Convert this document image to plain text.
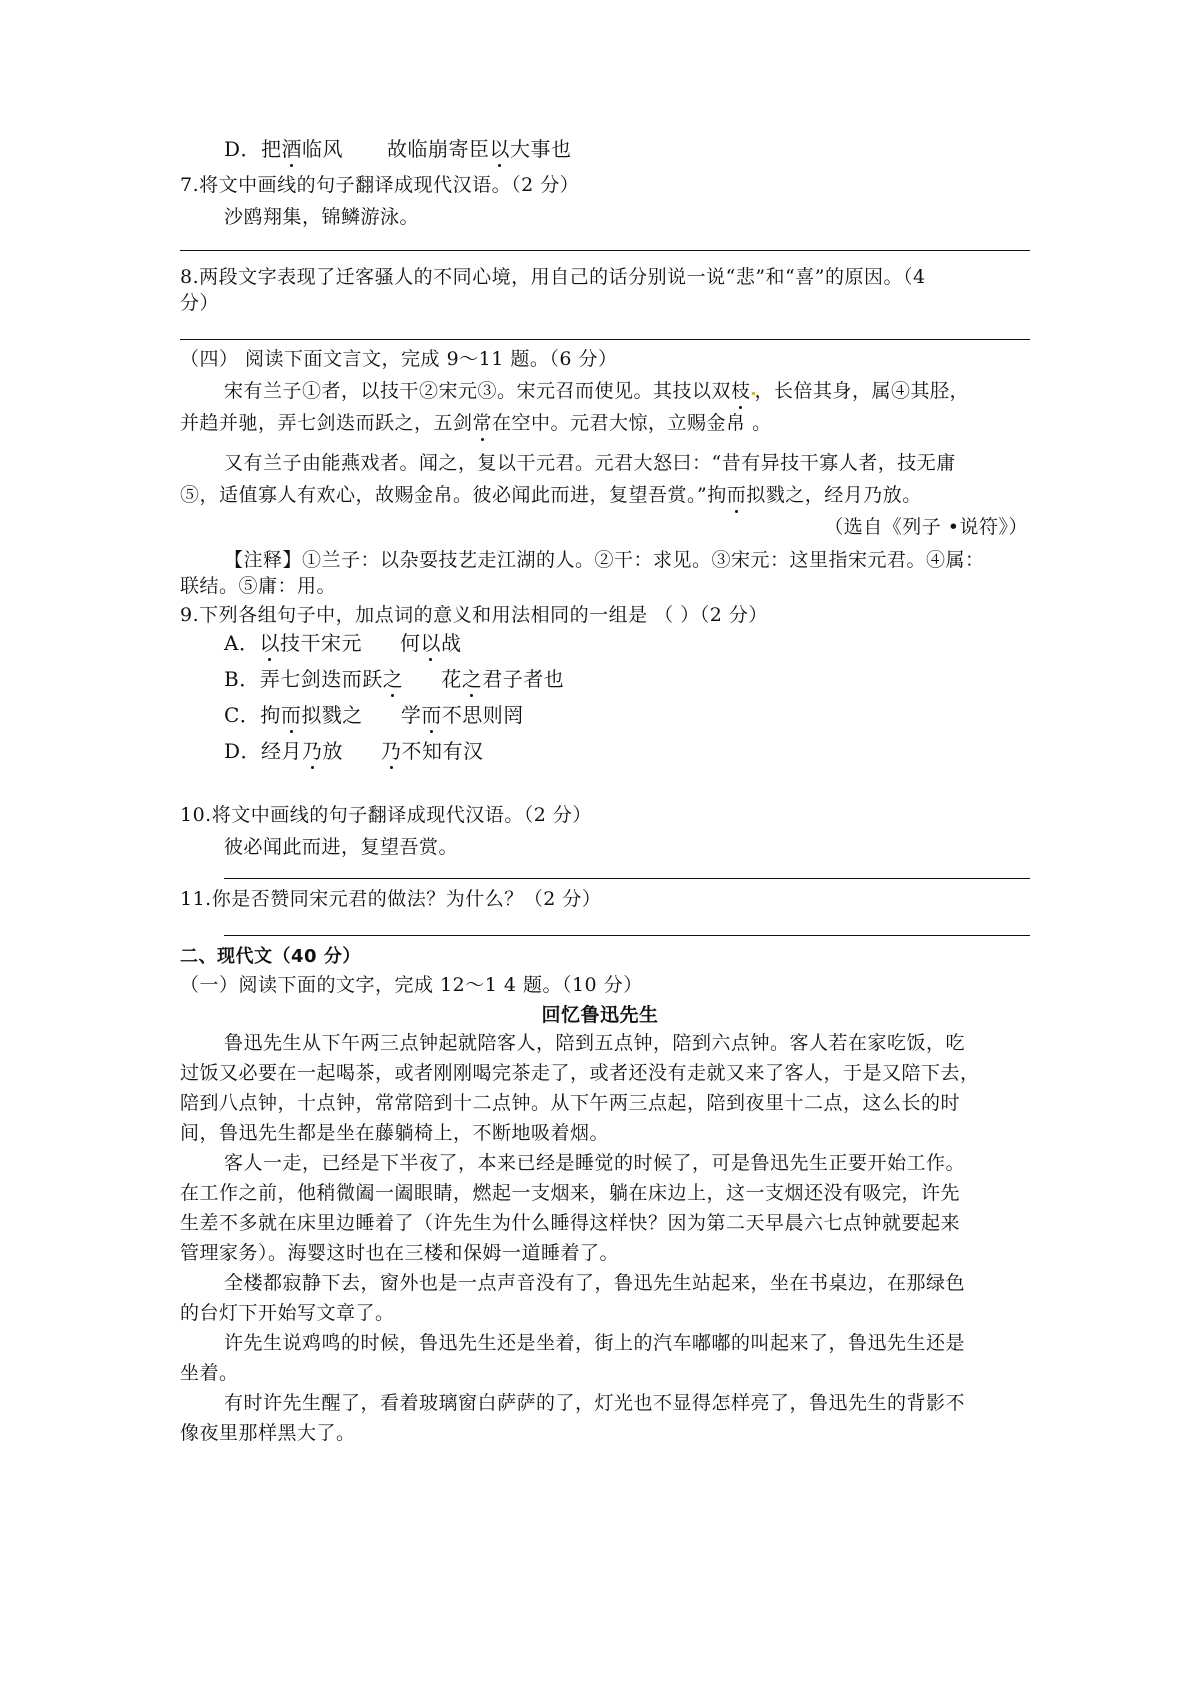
D．把酒临风 故临崩寄臣以大事也
7.将文中画线的句子翻译成现代汉语。（2 分）
沙鸥翔集，锦鳞游泳。
8.两段文字表现了迁客骚人的不同心境，用自己的话分别说一说“悲”和“喜”的原因。（4
分）
（四） 阅读下面文言文，完成 9～11 题。（6 分）
宋有兰子①者，以技干②宋元③。宋元召而使见。其技以双枝 ，长倍其身，属④其胫，
并趋并驰，弄七剑迭而跃之，五剑常在空中。元君大惊，立赐金帛 。
又有兰子由能燕戏者。闻之，复以干元君。元君大怒曰：“昔有异技干寡人者，技无庸
⑤，适值寡人有欢心，故赐金帛。彼必闻此而进，复望吾赏。”拘而拟戮之，经月乃放。
（选自《列子 •说符》）
【注释】①兰子：以杂耍技艺走江湖的人。②干：求见。③宋元：这里指宋元君。④属：
联结。⑤庸：用。
9.下列各组句子中，加点词的意义和用法相同的一组是 （ ）（2 分）
A．以技干宋元 何以战
B．弄七剑迭而跃之 花之君子者也
C．拘而拟戮之 学而不思则罔
D．经月乃放 乃不知有汉
10.将文中画线的句子翻译成现代汉语。（2 分）
彼必闻此而进，复望吾赏。
11.你是否赞同宋元君的做法？为什么？（2 分）
二、现代文（40 分）
（一）阅读下面的文字，完成 12～1 4 题。（10 分）
回忆鲁迅先生
鲁迅先生从下午两三点钟起就陪客人，陪到五点钟，陪到六点钟。客人若在家吃饭，吃
过饭又必要在一起喝茶，或者刚刚喝完茶走了，或者还没有走就又来了客人，于是又陪下去，
陪到八点钟，十点钟，常常陪到十二点钟。从下午两三点起，陪到夜里十二点，这么长的时
间，鲁迅先生都是坐在藤躺椅上，不断地吸着烟。
客人一走，已经是下半夜了，本来已经是睡觉的时候了，可是鲁迅先生正要开始工作。
在工作之前，他稍微阖一阖眼睛，燃起一支烟来，躺在床边上，这一支烟还没有吸完，许先
生差不多就在床里边睡着了（许先生为什么睡得这样快？因为第二天早晨六七点钟就要起来
管理家务）。海婴这时也在三楼和保姆一道睡着了。
全楼都寂静下去，窗外也是一点声音没有了，鲁迅先生站起来，坐在书桌边，在那绿色
的台灯下开始写文章了。
许先生说鸡鸣的时候，鲁迅先生还是坐着，街上的汽车嘟嘟的叫起来了，鲁迅先生还是
坐着。
有时许先生醒了，看着玻璃窗白萨萨的了，灯光也不显得怎样亮了，鲁迅先生的背影不
像夜里那样黑大了。
